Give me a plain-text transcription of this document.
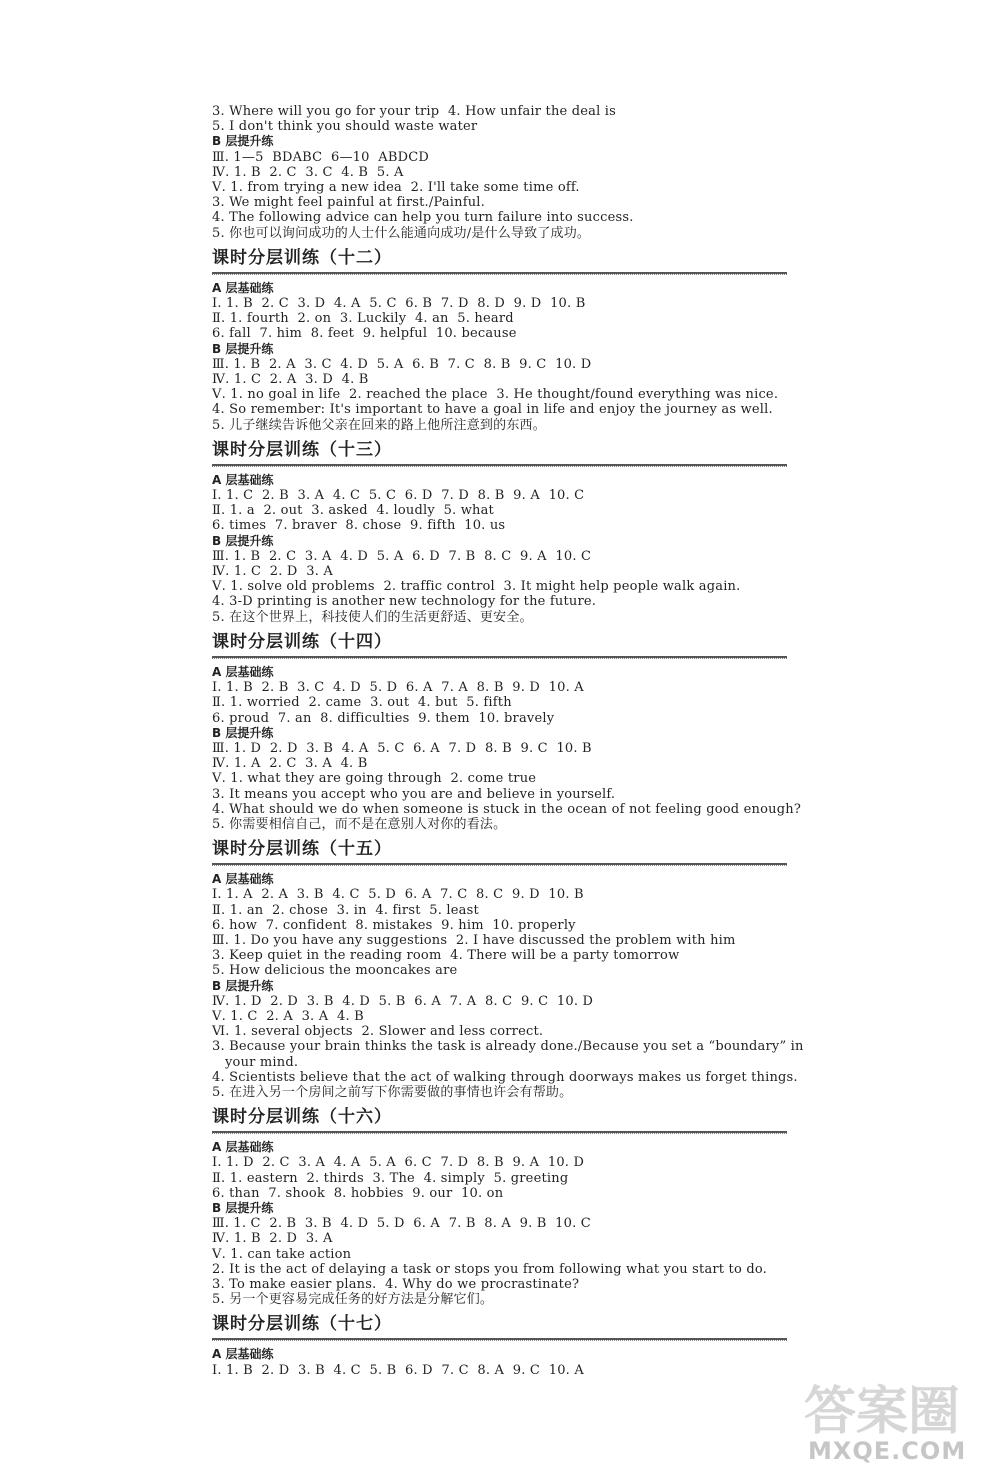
3. Where will you go for your trip  4. How unfair the deal is
5. I don't think you should waste water
B 层提升练
Ⅲ. 1—5  BDABC  6—10  ABDCD
Ⅳ. 1. B  2. C  3. C  4. B  5. A
Ⅴ. 1. from trying a new idea  2. I'll take some time off.
3. We might feel painful at first./Painful.
4. The following advice can help you turn failure into success.
5. 你也可以询问成功的人士什么能通向成功/是什么导致了成功。
课时分层训练（十二）
A 层基础练
Ⅰ. 1. B  2. C  3. D  4. A  5. C  6. B  7. D  8. D  9. D  10. B
Ⅱ. 1. fourth  2. on  3. Luckily  4. an  5. heard
6. fall  7. him  8. feet  9. helpful  10. because
B 层提升练
Ⅲ. 1. B  2. A  3. C  4. D  5. A  6. B  7. C  8. B  9. C  10. D
Ⅳ. 1. C  2. A  3. D  4. B
Ⅴ. 1. no goal in life  2. reached the place  3. He thought/found everything was nice.
4. So remember: It's important to have a goal in life and enjoy the journey as well.
5. 儿子继续告诉他父亲在回来的路上他所注意到的东西。
课时分层训练（十三）
A 层基础练
Ⅰ. 1. C  2. B  3. A  4. C  5. C  6. D  7. D  8. B  9. A  10. C
Ⅱ. 1. a  2. out  3. asked  4. loudly  5. what
6. times  7. braver  8. chose  9. fifth  10. us
B 层提升练
Ⅲ. 1. B  2. C  3. A  4. D  5. A  6. D  7. B  8. C  9. A  10. C
Ⅳ. 1. C  2. D  3. A
Ⅴ. 1. solve old problems  2. traffic control  3. It might help people walk again.
4. 3-D printing is another new technology for the future.
5. 在这个世界上，科技使人们的生活更舒适、更安全。
课时分层训练（十四）
A 层基础练
Ⅰ. 1. B  2. B  3. C  4. D  5. D  6. A  7. A  8. B  9. D  10. A
Ⅱ. 1. worried  2. came  3. out  4. but  5. fifth
6. proud  7. an  8. difficulties  9. them  10. bravely
B 层提升练
Ⅲ. 1. D  2. D  3. B  4. A  5. C  6. A  7. D  8. B  9. C  10. B
Ⅳ. 1. A  2. C  3. A  4. B
Ⅴ. 1. what they are going through  2. come true
3. It means you accept who you are and believe in yourself.
4. What should we do when someone is stuck in the ocean of not feeling good enough?
5. 你需要相信自己，而不是在意别人对你的看法。
课时分层训练（十五）
A 层基础练
Ⅰ. 1. A  2. A  3. B  4. C  5. D  6. A  7. C  8. C  9. D  10. B
Ⅱ. 1. an  2. chose  3. in  4. first  5. least
6. how  7. confident  8. mistakes  9. him  10. properly
Ⅲ. 1. Do you have any suggestions  2. I have discussed the problem with him
3. Keep quiet in the reading room  4. There will be a party tomorrow
5. How delicious the mooncakes are
B 层提升练
Ⅳ. 1. D  2. D  3. B  4. D  5. B  6. A  7. A  8. C  9. C  10. D
Ⅴ. 1. C  2. A  3. A  4. B
Ⅵ. 1. several objects  2. Slower and less correct.
3. Because your brain thinks the task is already done./Because you set a “boundary” in
your mind.
4. Scientists believe that the act of walking through doorways makes us forget things.
5. 在进入另一个房间之前写下你需要做的事情也许会有帮助。
课时分层训练（十六）
A 层基础练
Ⅰ. 1. D  2. C  3. A  4. A  5. A  6. C  7. D  8. B  9. A  10. D
Ⅱ. 1. eastern  2. thirds  3. The  4. simply  5. greeting
6. than  7. shook  8. hobbies  9. our  10. on
B 层提升练
Ⅲ. 1. C  2. B  3. B  4. D  5. D  6. A  7. B  8. A  9. B  10. C
Ⅳ. 1. B  2. D  3. A
Ⅴ. 1. can take action
2. It is the act of delaying a task or stops you from following what you start to do.
3. To make easier plans.  4. Why do we procrastinate?
5. 另一个更容易完成任务的好方法是分解它们。
课时分层训练（十七）
A 层基础练
Ⅰ. 1. B  2. D  3. B  4. C  5. B  6. D  7. C  8. A  9. C  10. A
答案圈
MXQE.COM
